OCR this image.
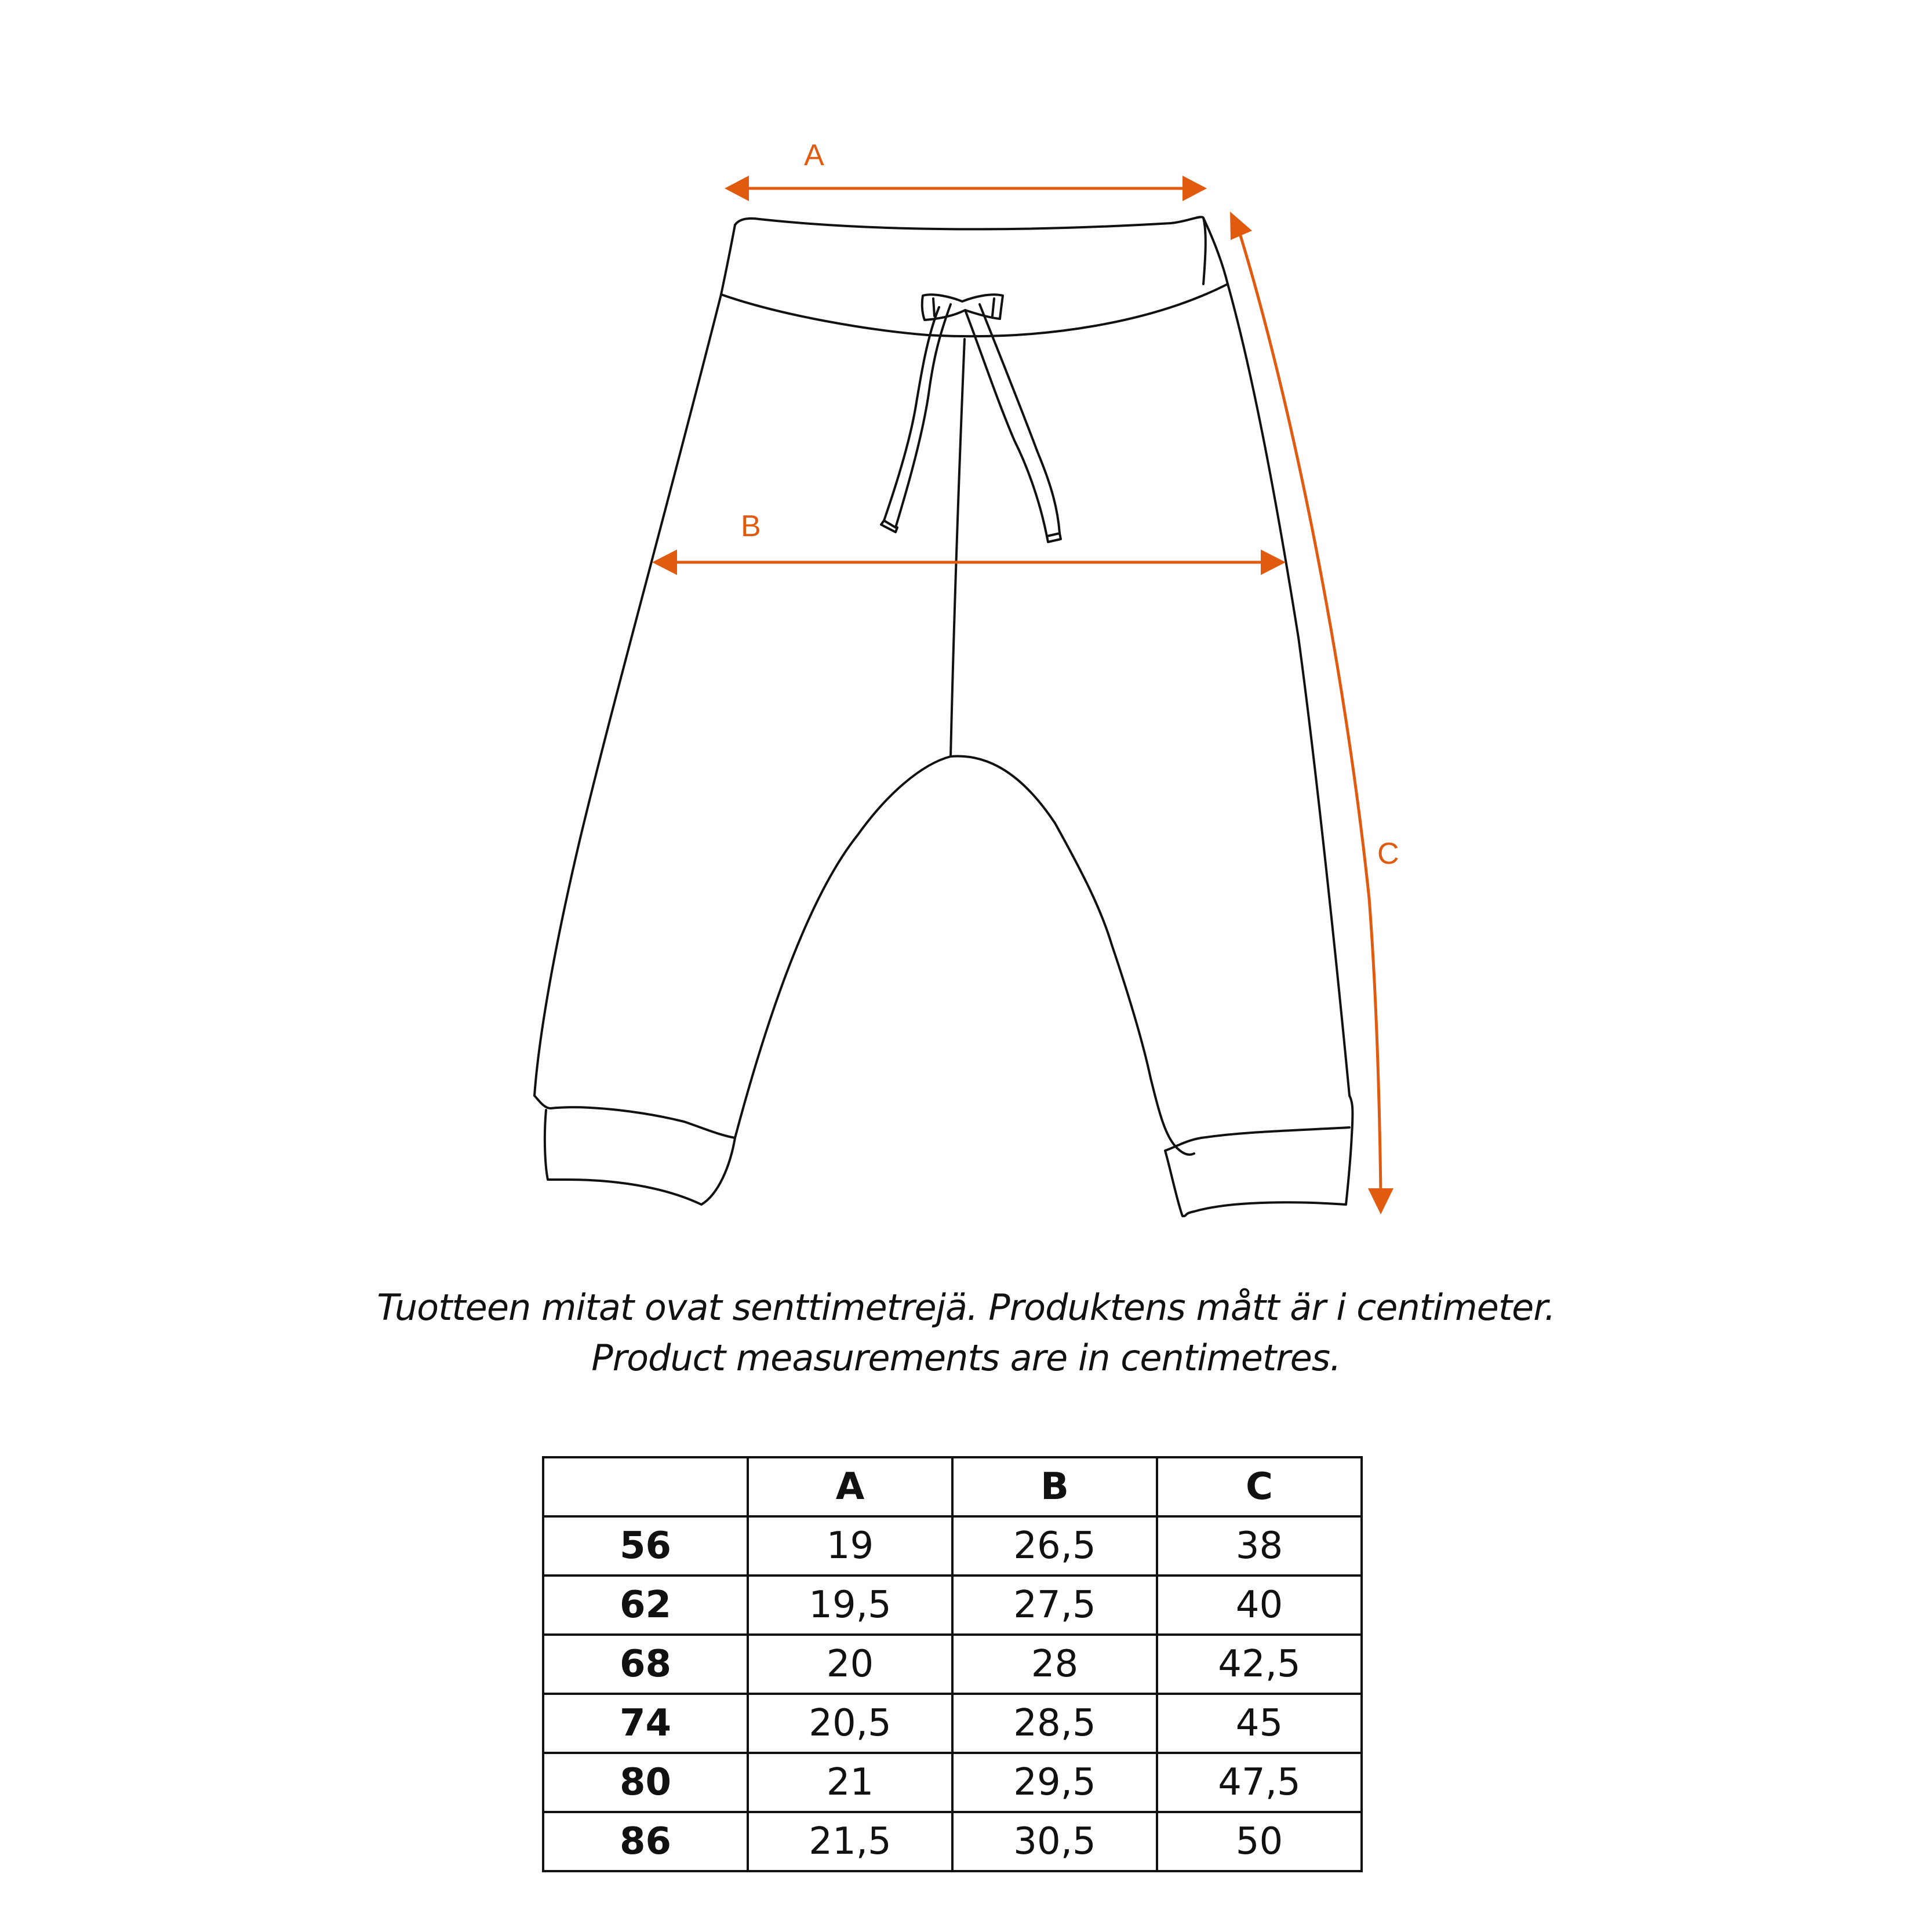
A
B
C
Tuotteen mitat ovat senttimetrejä. Produktens mått är i centimeter.
Product measurements are in centimetres.
	A	B	C
56	19	26,5	38
62	19,5	27,5	40
68	20	28	42,5
74	20,5	28,5	45
80	21	29,5	47,5
86	21,5	30,5	50
